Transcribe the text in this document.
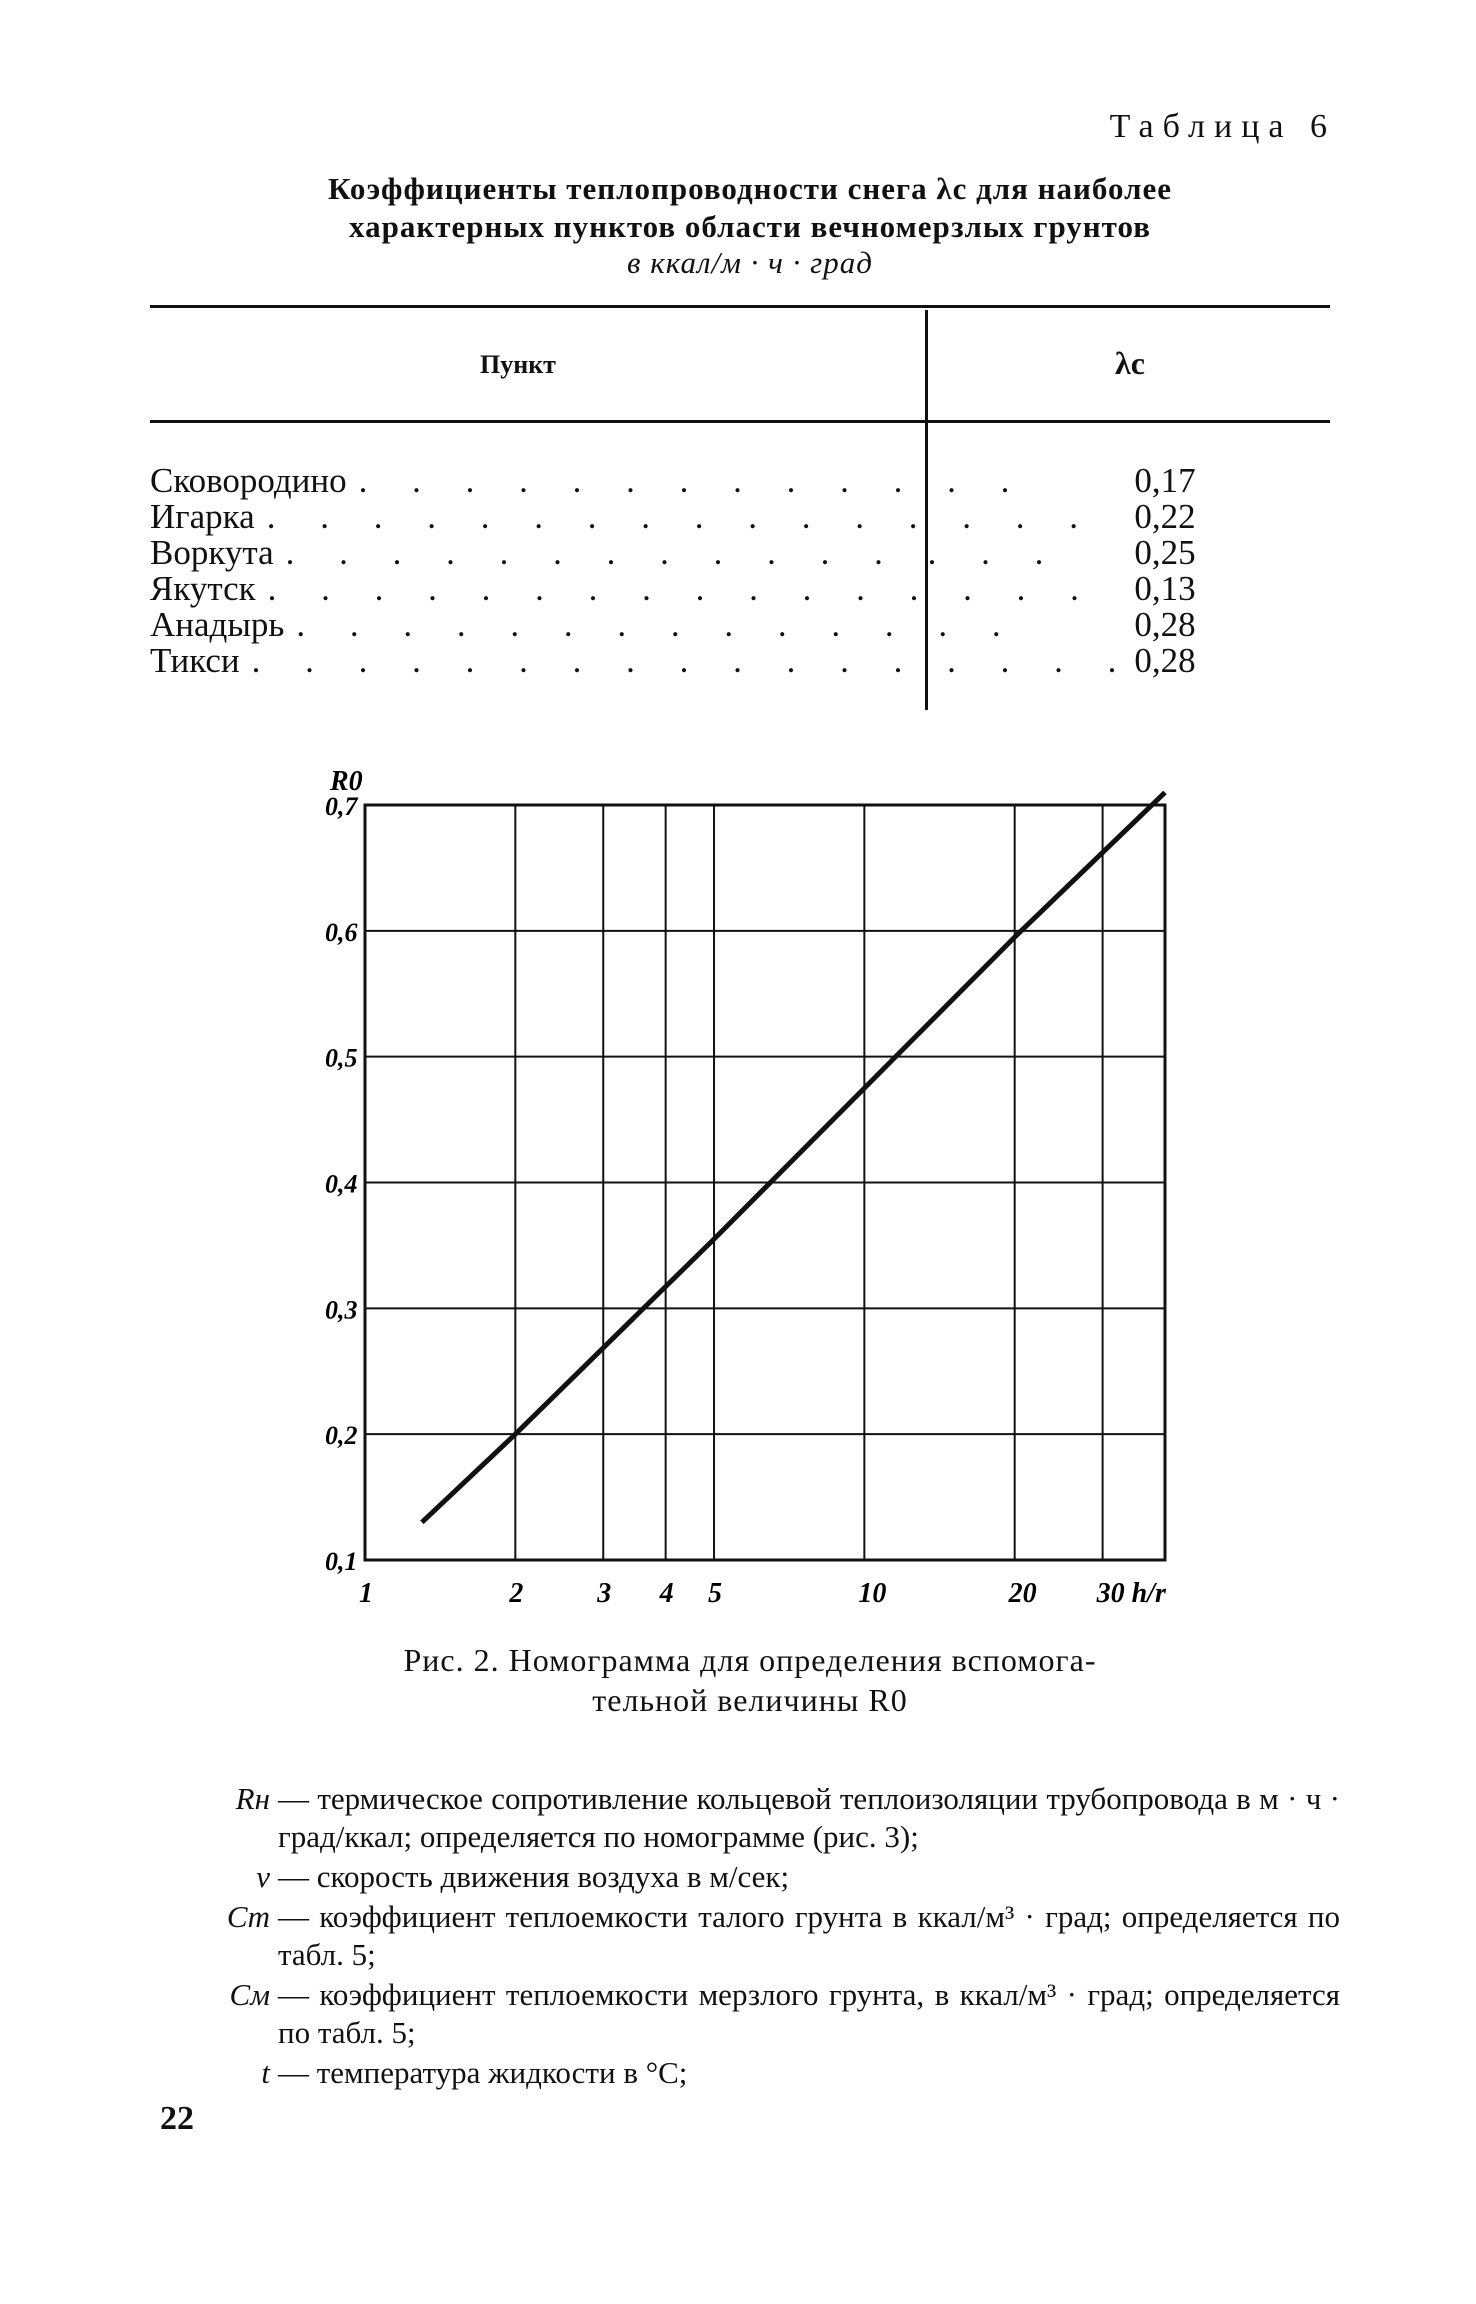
Таблица 6
Коэффициенты теплопроводности снега λс для наиболее
характерных пунктов области вечномерзлых грунтов
в ккал/м · ч · град
Пункт	λс
Сковородино . . . . . . . . . . . . .	0,17
Игарка . . . . . . . . . . . . . . . .	0,22
Воркута . . . . . . . . . . . . . . .	0,25
Якутск . . . . . . . . . . . . . . . .	0,13
Анадырь . . . . . . . . . . . . . .	0,28
Тикси . . . . . . . . . . . . . . . . . 0,28
0,1
0,2
0,3
0,4
0,5
0,6
0,7
1	2	3 4 5	10	20 30 h/r
R0
Рис. 2. Номограмма для определения вспомога-
тельной величины R0
Rн — термическое сопротивление кольцевой теплоизоляции трубопровода в м · ч · град/ккал; определяется по номограмме (рис. 3);
v — скорость движения воздуха в м/сек;
Cт — коэффициент теплоемкости талого грунта в ккал/м³ · град; определяется по табл. 5;
Cм — коэффициент теплоемкости мерзлого грунта, в ккал/м³ · град; определяется по табл. 5;
t — температура жидкости в °С;
22
